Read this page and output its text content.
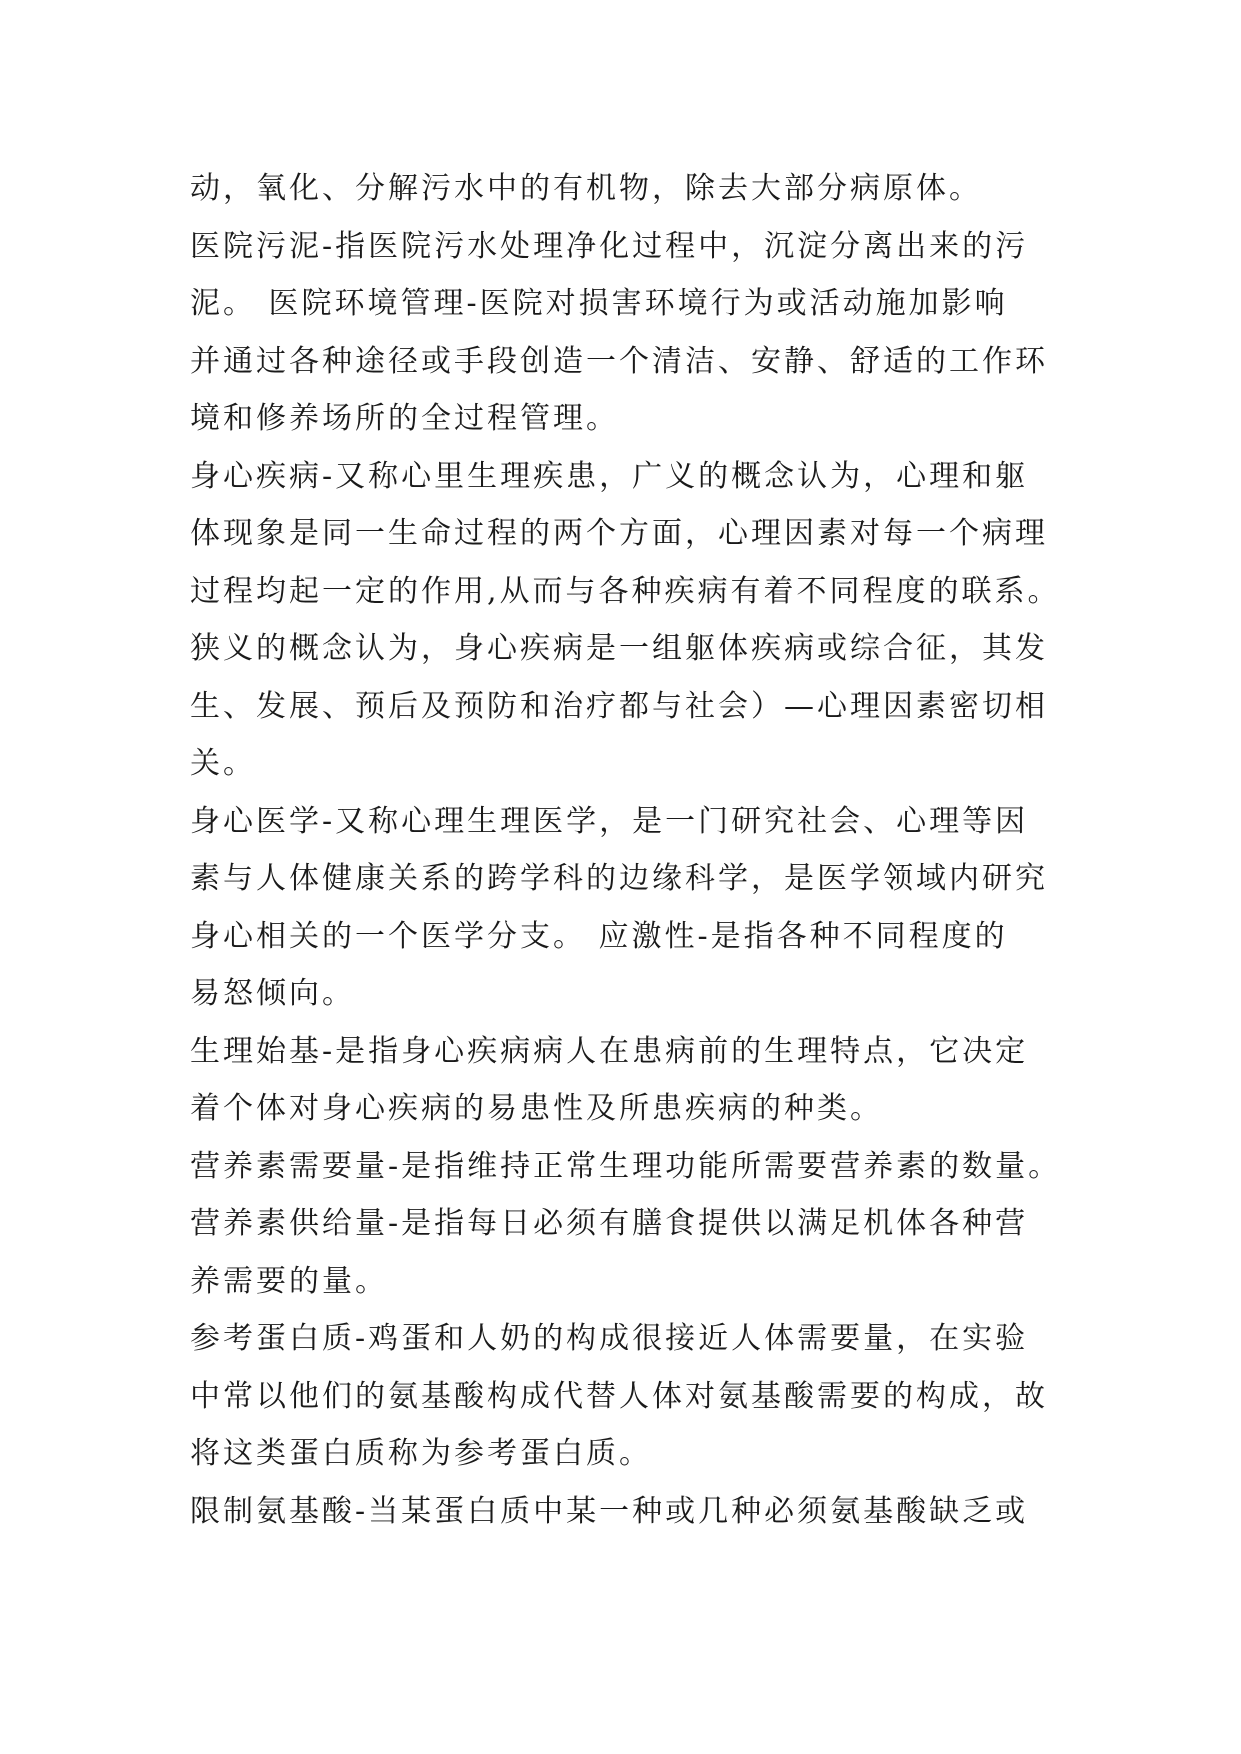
动，氧化、分解污水中的有机物，除去大部分病原体。
医院污泥-指医院污水处理净化过程中，沉淀分离出来的污
泥。 医院环境管理-医院对损害环境行为或活动施加影响
并通过各种途径或手段创造一个清洁、安静、舒适的工作环
境和修养场所的全过程管理。
身心疾病-又称心里生理疾患，广义的概念认为，心理和躯
体现象是同一生命过程的两个方面，心理因素对每一个病理
过程均起一定的作用,从而与各种疾病有着不同程度的联系。
狭义的概念认为，身心疾病是一组躯体疾病或综合征，其发
生、发展、预后及预防和治疗都与社会）—心理因素密切相
关。
身心医学-又称心理生理医学，是一门研究社会、心理等因
素与人体健康关系的跨学科的边缘科学，是医学领域内研究
身心相关的一个医学分支。 应激性-是指各种不同程度的
易怒倾向。
生理始基-是指身心疾病病人在患病前的生理特点，它决定
着个体对身心疾病的易患性及所患疾病的种类。
营养素需要量-是指维持正常生理功能所需要营养素的数量。
营养素供给量-是指每日必须有膳食提供以满足机体各种营
养需要的量。
参考蛋白质-鸡蛋和人奶的构成很接近人体需要量，在实验
中常以他们的氨基酸构成代替人体对氨基酸需要的构成，故
将这类蛋白质称为参考蛋白质。
限制氨基酸-当某蛋白质中某一种或几种必须氨基酸缺乏或
